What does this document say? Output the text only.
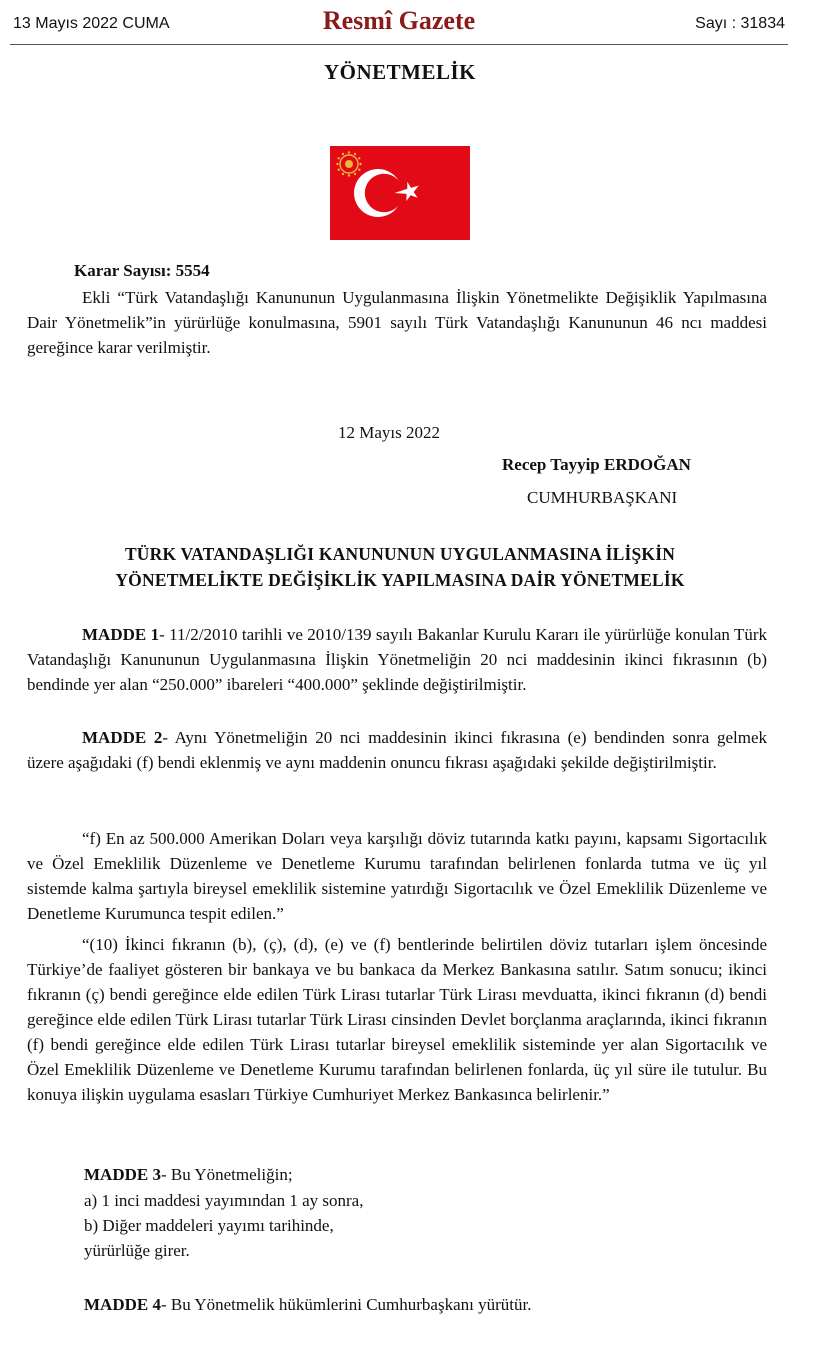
13 Mayıs 2022 CUMA	Resmî Gazete	Sayı : 31834
YÖNETMELİK
Karar Sayısı: 5554

Ekli “Türk Vatandaşlığı Kanununun Uygulanmasına İlişkin Yönetmelikte Değişiklik Yapılmasına Dair Yönetmelik”in yürürlüğe konulmasına, 5901 sayılı Türk Vatandaşlığı Kanununun 46 ncı maddesi gereğince karar verilmiştir.

12 Mayıs 2022
Recep Tayyip ERDOĞAN
CUMHURBAŞKANI
TÜRK VATANDAŞLIĞI KANUNUNUN UYGULANMASINA İLİŞKİN
YÖNETMELİKTE DEĞİŞİKLİK YAPILMASINA DAİR YÖNETMELİK

MADDE 1- 11/2/2010 tarihli ve 2010/139 sayılı Bakanlar Kurulu Kararı ile yürürlüğe konulan Türk Vatandaşlığı Kanununun Uygulanmasına İlişkin Yönetmeliğin 20 nci maddesinin ikinci fıkrasının (b) bendinde yer alan “250.000” ibareleri “400.000” şeklinde değiştirilmiştir.

MADDE 2- Aynı Yönetmeliğin 20 nci maddesinin ikinci fıkrasına (e) bendinden sonra gelmek üzere aşağıdaki (f) bendi eklenmiş ve aynı maddenin onuncu fıkrası aşağıdaki şekilde değiştirilmiştir.

“f) En az 500.000 Amerikan Doları veya karşılığı döviz tutarında katkı payını, kapsamı Sigortacılık ve Özel Emeklilik Düzenleme ve Denetleme Kurumu tarafından belirlenen fonlarda tutma ve üç yıl sistemde kalma şartıyla bireysel emeklilik sistemine yatırdığı Sigortacılık ve Özel Emeklilik Düzenleme ve Denetleme Kurumunca tespit edilen.”

“(10) İkinci fıkranın (b), (ç), (d), (e) ve (f) bentlerinde belirtilen döviz tutarları işlem öncesinde Türkiye’de faaliyet gösteren bir bankaya ve bu bankaca da Merkez Bankasına satılır. Satım sonucu; ikinci fıkranın (ç) bendi gereğince elde edilen Türk Lirası tutarlar Türk Lirası mevduatta, ikinci fıkranın (d) bendi gereğince elde edilen Türk Lirası tutarlar Türk Lirası cinsinden Devlet borçlanma araçlarında, ikinci fıkranın (f) bendi gereğince elde edilen Türk Lirası tutarlar bireysel emeklilik sisteminde yer alan Sigortacılık ve Özel Emeklilik Düzenleme ve Denetleme Kurumu tarafından belirlenen fonlarda, üç yıl süre ile tutulur. Bu konuya ilişkin uygulama esasları Türkiye Cumhuriyet Merkez Bankasınca belirlenir.”

MADDE 3- Bu Yönetmeliğin;
a) 1 inci maddesi yayımından 1 ay sonra,
b) Diğer maddeleri yayımı tarihinde,
yürürlüğe girer.
MADDE 4- Bu Yönetmelik hükümlerini Cumhurbaşkanı yürütür.
